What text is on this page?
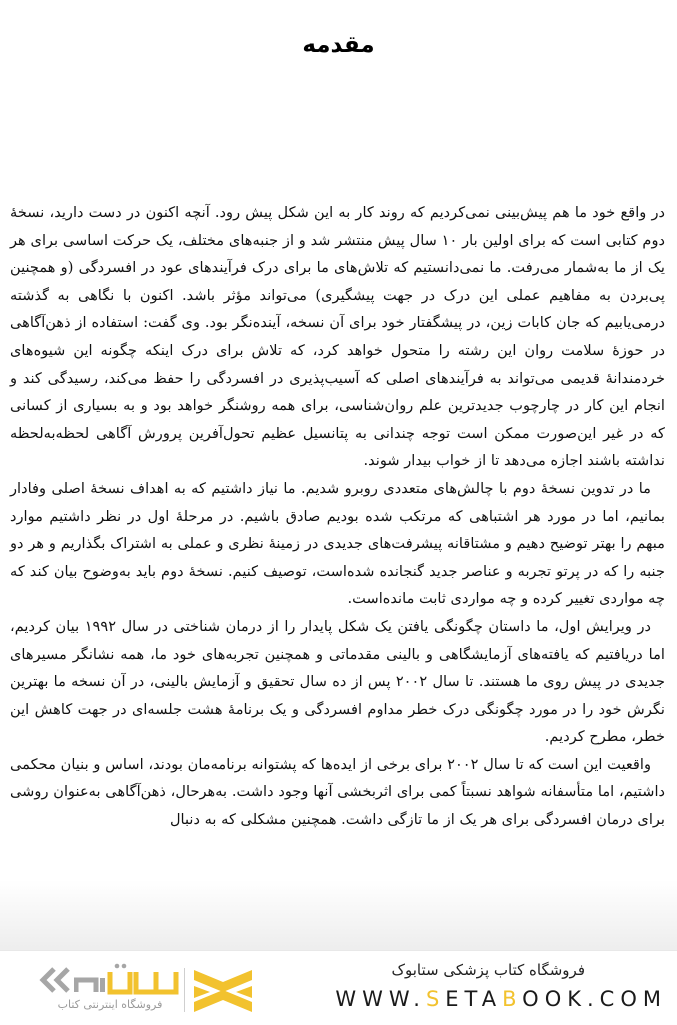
مقدمه

در واقع خود ما هم پیش‌بینی نمی‌کردیم که روند کار به این شکل پیش رود. آنچه اکنون در دست دارید، نسخهٔ دوم کتابی است که برای اولین بار ۱۰ سال پیش منتشر شد و از جنبه‌های مختلف، یک حرکت اساسی برای هر یک از ما به‌شمار می‌رفت. ما نمی‌دانستیم که تلاش‌های ما برای درک فرآیندهای عود در افسردگی (و همچنین پی‌بردن به مفاهیم عملی این درک در جهت پیشگیری) می‌تواند مؤثر باشد. اکنون با نگاهی به گذشته درمی‌یابیم که جان کابات زین، در پیشگفتار خود برای آن نسخه، آینده‌نگر بود. وی گفت: استفاده از ذهن‌آگاهی در حوزهٔ سلامت روان این رشته را متحول خواهد کرد، که تلاش برای درک اینکه چگونه این شیوه‌های خردمندانهٔ قدیمی می‌تواند به فرآیندهای اصلی که آسیب‌پذیری در افسردگی را حفظ می‌کند، رسیدگی کند و انجام این کار در چارچوب جدیدترین علم روان‌شناسی، برای همه روشنگر خواهد بود و به بسیاری از کسانی که در غیر این‌صورت ممکن است توجه چندانی به پتانسیل عظیم تحول‌آفرین پرورش آگاهی لحظه‌به‌لحظه نداشته باشند اجازه می‌دهد تا از خواب بیدار شوند.

ما در تدوین نسخهٔ دوم با چالش‌های متعددی روبرو شدیم. ما نیاز داشتیم که به اهداف نسخهٔ اصلی وفادار بمانیم، اما در مورد هر اشتباهی که مرتکب شده بودیم صادق باشیم. در مرحلهٔ اول در نظر داشتیم موارد مبهم را بهتر توضیح دهیم و مشتاقانه پیشرفت‌های جدیدی در زمینهٔ نظری و عملی به اشتراک بگذاریم و هر دو جنبه را که در پرتو تجربه و عناصر جدید گنجانده شده‌است، توصیف کنیم. نسخهٔ دوم باید به‌وضوح بیان کند که چه مواردی تغییر کرده و چه مواردی ثابت مانده‌است.

در ویرایش اول، ما داستان چگونگی یافتن یک شکل پایدار را از درمان شناختی در سال ۱۹۹۲ بیان کردیم، اما دریافتیم که یافته‌های آزمایشگاهی و بالینی مقدماتی و همچنین تجربه‌های خود ما، همه نشانگر مسیرهای جدیدی در پیش روی ما هستند. تا سال ۲۰۰۲ پس از ده سال تحقیق و آزمایش بالینی، در آن نسخه ما بهترین نگرش خود را در مورد چگونگی درک خطر مداوم افسردگی و یک برنامهٔ هشت جلسه‌ای در جهت کاهش این خطر، مطرح کردیم.

واقعیت این است که تا سال ۲۰۰۲ برای برخی از ایده‌ها که پشتوانه برنامه‌مان بودند، اساس و بنیان محکمی داشتیم، اما متأسفانه شواهد نسبتاً کمی برای اثربخشی آنها وجود داشت. به‌هرحال، ذهن‌آگاهی به‌عنوان روشی برای درمان افسردگی برای هر یک از ما تازگی داشت. همچنین مشکلی که به دنبال

فروشگاه کتاب پزشکی ستابوک
WWW.SETABOOK.COM
فروشگاه اینترنتی کتاب
